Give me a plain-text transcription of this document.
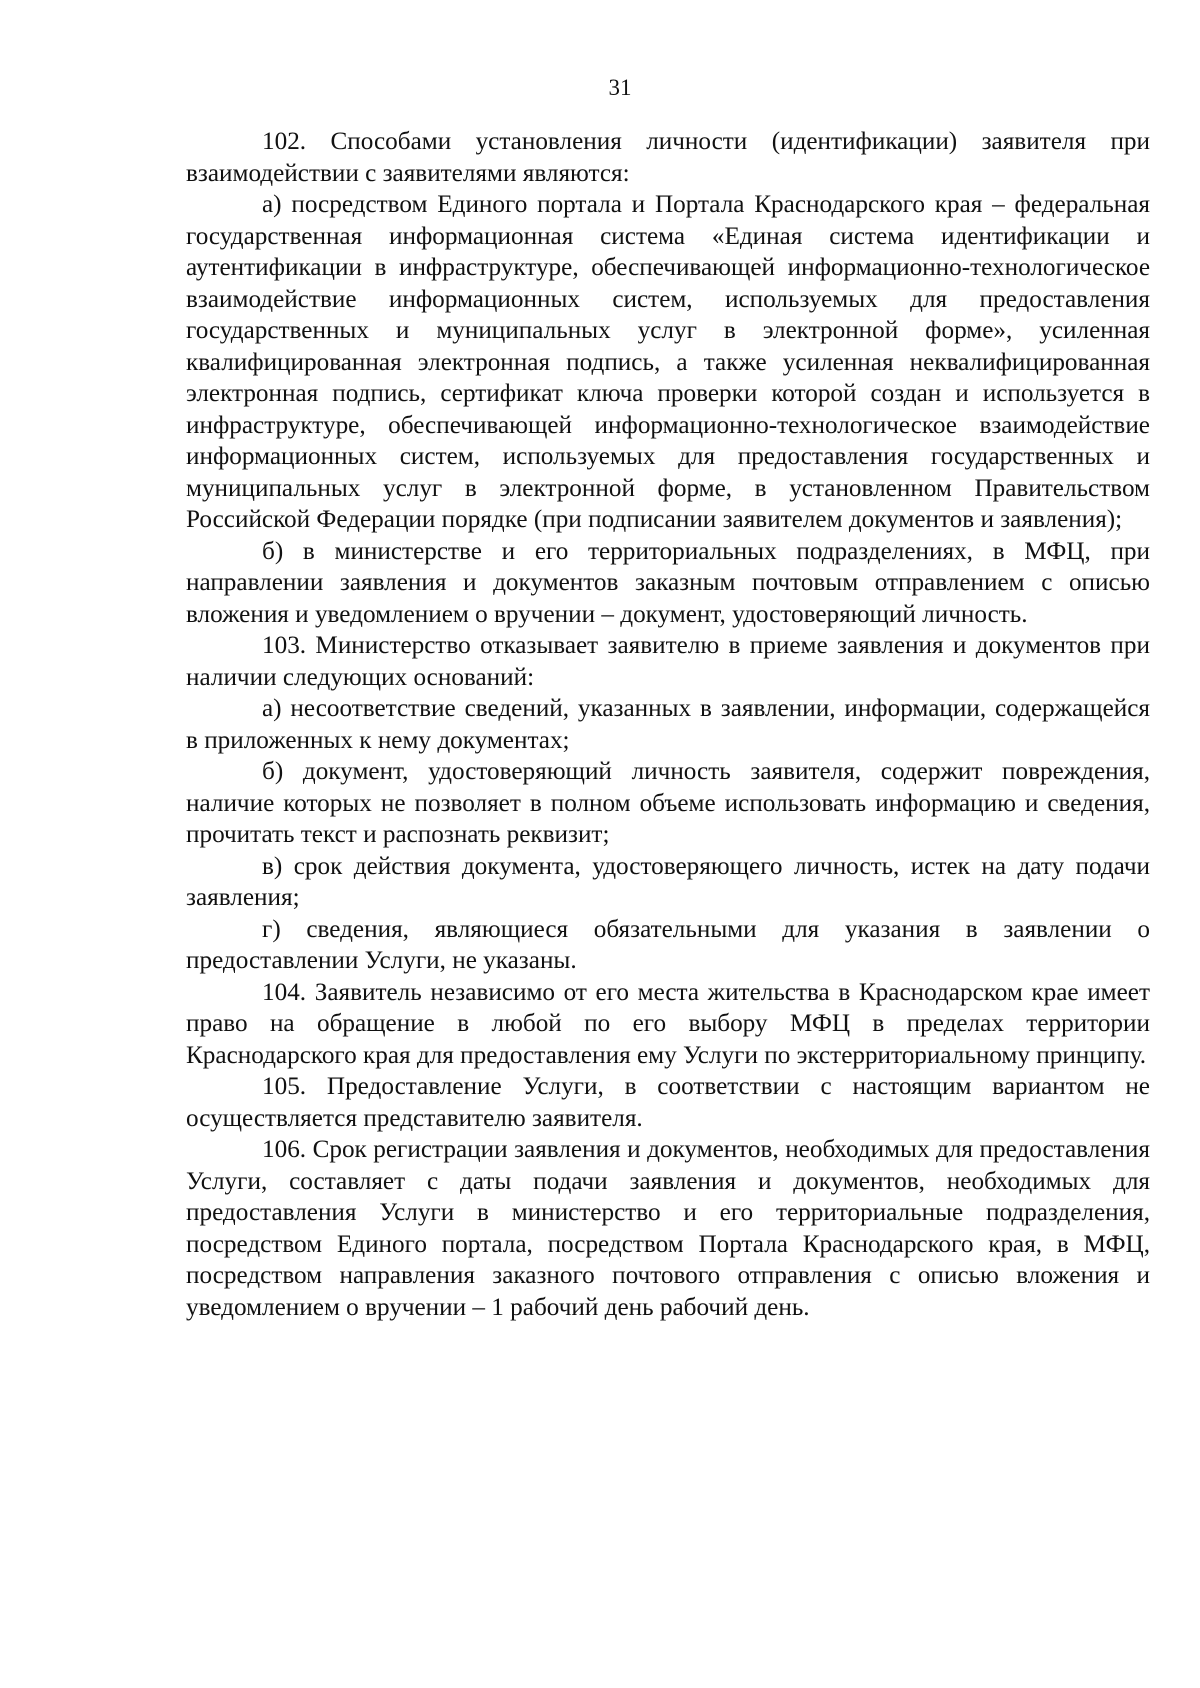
31

102. Способами установления личности (идентификации) заявителя при взаимодействии с заявителями являются:

а) посредством Единого портала и Портала Краснодарского края – федеральная государственная информационная система «Единая система идентификации и аутентификации в инфраструктуре, обеспечивающей информационно-технологическое взаимодействие информационных систем, используемых для предоставления государственных и муниципальных услуг в электронной форме», усиленная квалифицированная электронная подпись, а также усиленная неквалифицированная электронная подпись, сертификат ключа проверки которой создан и используется в инфраструктуре, обеспечивающей информационно-технологическое взаимодействие информационных систем, используемых для предоставления государственных и муниципальных услуг в электронной форме, в установленном Правительством Российской Федерации порядке (при подписании заявителем документов и заявления);

б) в министерстве и его территориальных подразделениях, в МФЦ, при направлении заявления и документов заказным почтовым отправлением с описью вложения и уведомлением о вручении – документ, удостоверяющий личность.

103. Министерство отказывает заявителю в приеме заявления и документов при наличии следующих оснований:

а) несоответствие сведений, указанных в заявлении, информации, содержащейся в приложенных к нему документах;

б) документ, удостоверяющий личность заявителя, содержит повреждения, наличие которых не позволяет в полном объеме использовать информацию и сведения, прочитать текст и распознать реквизит;

в) срок действия документа, удостоверяющего личность, истек на дату подачи заявления;

г) сведения, являющиеся обязательными для указания в заявлении о предоставлении Услуги, не указаны.

104. Заявитель независимо от его места жительства в Краснодарском крае имеет право на обращение в любой по его выбору МФЦ в пределах территории Краснодарского края для предоставления ему Услуги по экстерриториальному принципу.

105. Предоставление Услуги, в соответствии с настоящим вариантом не осуществляется представителю заявителя.

106. Срок регистрации заявления и документов, необходимых для предоставления Услуги, составляет с даты подачи заявления и документов, необходимых для предоставления Услуги в министерство и его территориальные подразделения, посредством Единого портала, посредством Портала Краснодарского края, в МФЦ, посредством направления заказного почтового отправления с описью вложения и уведомлением о вручении – 1 рабочий день рабочий день.
